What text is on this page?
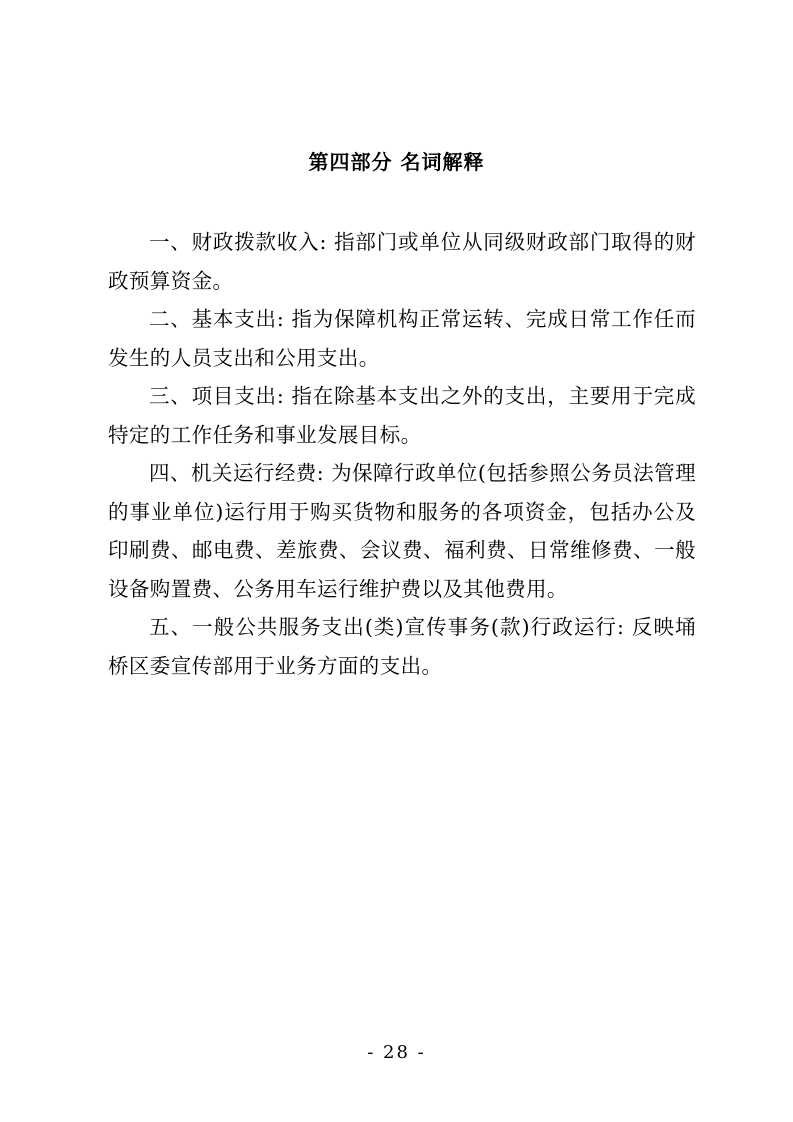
第四部分 名词解释

一、财政拨款收入: 指部门或单位从同级财政部门取得的财政预算资金。

二、基本支出: 指为保障机构正常运转、完成日常工作任而发生的人员支出和公用支出。

三、项目支出: 指在除基本支出之外的支出，主要用于完成特定的工作任务和事业发展目标。

四、机关运行经费: 为保障行政单位(包括参照公务员法管理的事业单位)运行用于购买货物和服务的各项资金，包括办公及印刷费、邮电费、差旅费、会议费、福利费、日常维修费、一般设备购置费、公务用车运行维护费以及其他费用。

五、一般公共服务支出(类)宣传事务(款)行政运行: 反映埇桥区委宣传部用于业务方面的支出。

- 28 -
